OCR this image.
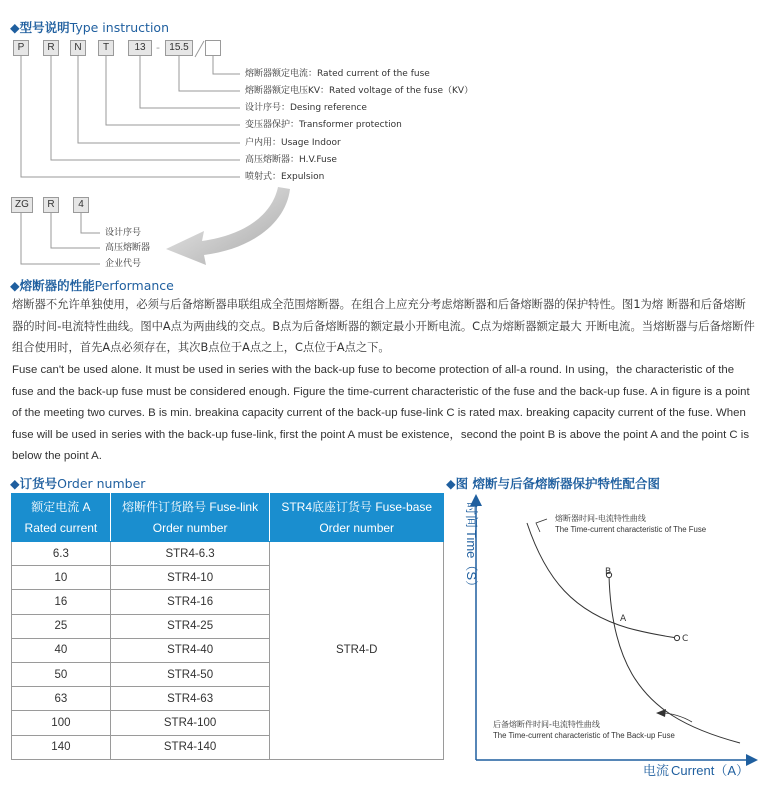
◆型号说明Type instruction
P	R	N	T	13 - 15.5
熔断器额定电流：Rated current of the fuse
熔断器额定电压KV：Rated voltage of the fuse（KV）
设计序号：Desing reference
变压器保护：Transformer protection
户内用：Usage Indoor
高压熔断器：H.V.Fuse
喷射式：Expulsion
ZG	R	4
设计序号
高压熔断器
企业代号
◆熔断器的性能Performance
熔断器不允许单独使用，必须与后备熔断器串联组成全范围熔断器。在组合上应充分考虑熔断器和后备熔断器的保护特性。图1为熔 断器和后备熔断器的时间-电流特性曲线。图中A点为两曲线的交点。B点为后备熔断器的额定最小开断电流。C点为熔断器额定最大 开断电流。当熔断器与后备熔断件组合使用时，首先A点必须存在，其次B点位于A点之上，C点位于A点之下。
Fuse can't be used alone. It must be used in series with the back-up fuse to become protection of all-a round. In using，the characteristic of the fuse and the back-up fuse must be considered enough. Figure the time-current characteristic of the fuse and the back-up fuse. A in figure is a point of the meeting two curves. B is min. breakina capacity current of the back-up fuse-link C is rated max. breaking capacity current of the fuse. When fuse will be used in series with the back-up fuse-link, first the point A must be existence，second the point B is above the point A and the point C is below the point A.
◆订货号Order number
额定电流 A Rated current	熔断件订货路号 Fuse-link Order number	STR4底座订货号 Fuse-base Order number
6.3	STR4-6.3	STR4-D
10	STR4-10	
16	STR4-16	
25	STR4-25	
40	STR4-40	
50	STR4-50	
63	STR4-63	
100	STR4-100	
140	STR4-140	
◆图 熔断与后备熔断器保护特性配合图
时间
Time（S）
电流 Current（A）
B
A
C
熔断器时间-电流特性曲线
The Time-current characteristic of The Fuse
后备熔断件时间-电流特性曲线
The Time-current characteristic of The Back-up Fuse
